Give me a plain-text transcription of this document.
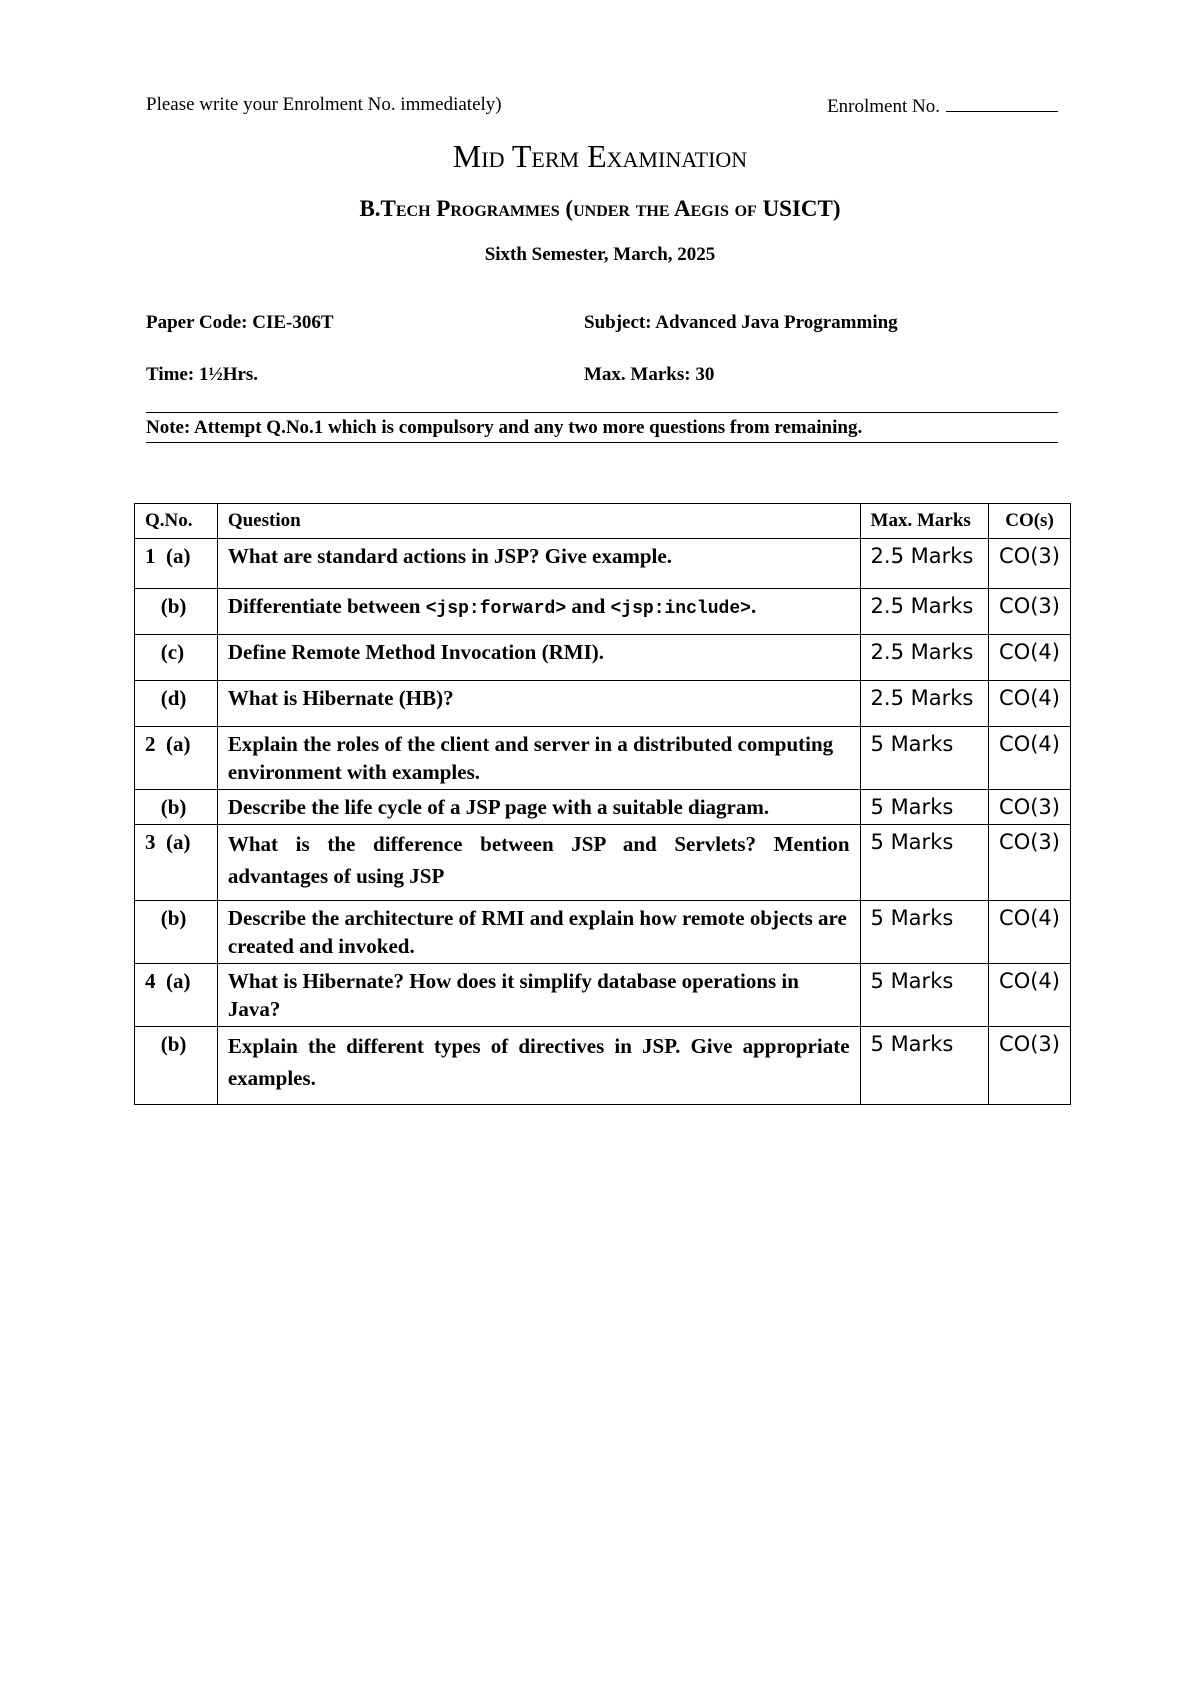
Please write your Enrolment No. immediately)	Enrolment No.
Mid Term Examination
B.Tech Programmes (under the Aegis of USICT)
Sixth Semester, March, 2025
Paper Code: CIE-306T	Subject: Advanced Java Programming
Time: 1½Hrs.	Max. Marks: 30
Note: Attempt Q.No.1 which is compulsory and any two more questions from remaining.
Q.No.	Question	Max. Marks	CO(s)
1  (a)	What are standard actions in JSP? Give example.	2.5 Marks	CO(3)
(b)	Differentiate between <jsp:forward> and <jsp:include>.	2.5 Marks	CO(3)
(c)	Define Remote Method Invocation (RMI).	2.5 Marks	CO(4)
(d)	What is Hibernate (HB)?	2.5 Marks	CO(4)
2  (a)	Explain the roles of the client and server in a distributed computing environment with examples.	5 Marks	CO(4)
(b)	Describe the life cycle of a JSP page with a suitable diagram.	5 Marks	CO(3)
3  (a)	What is the difference between JSP and Servlets? Mention advantages of using JSP	5 Marks	CO(3)
(b)	Describe the architecture of RMI and explain how remote objects are created and invoked.	5 Marks	CO(4)
4  (a)	What is Hibernate? How does it simplify database operations in Java?	5 Marks	CO(4)
(b)	Explain the different types of directives in JSP. Give appropriate examples.	5 Marks	CO(3)
